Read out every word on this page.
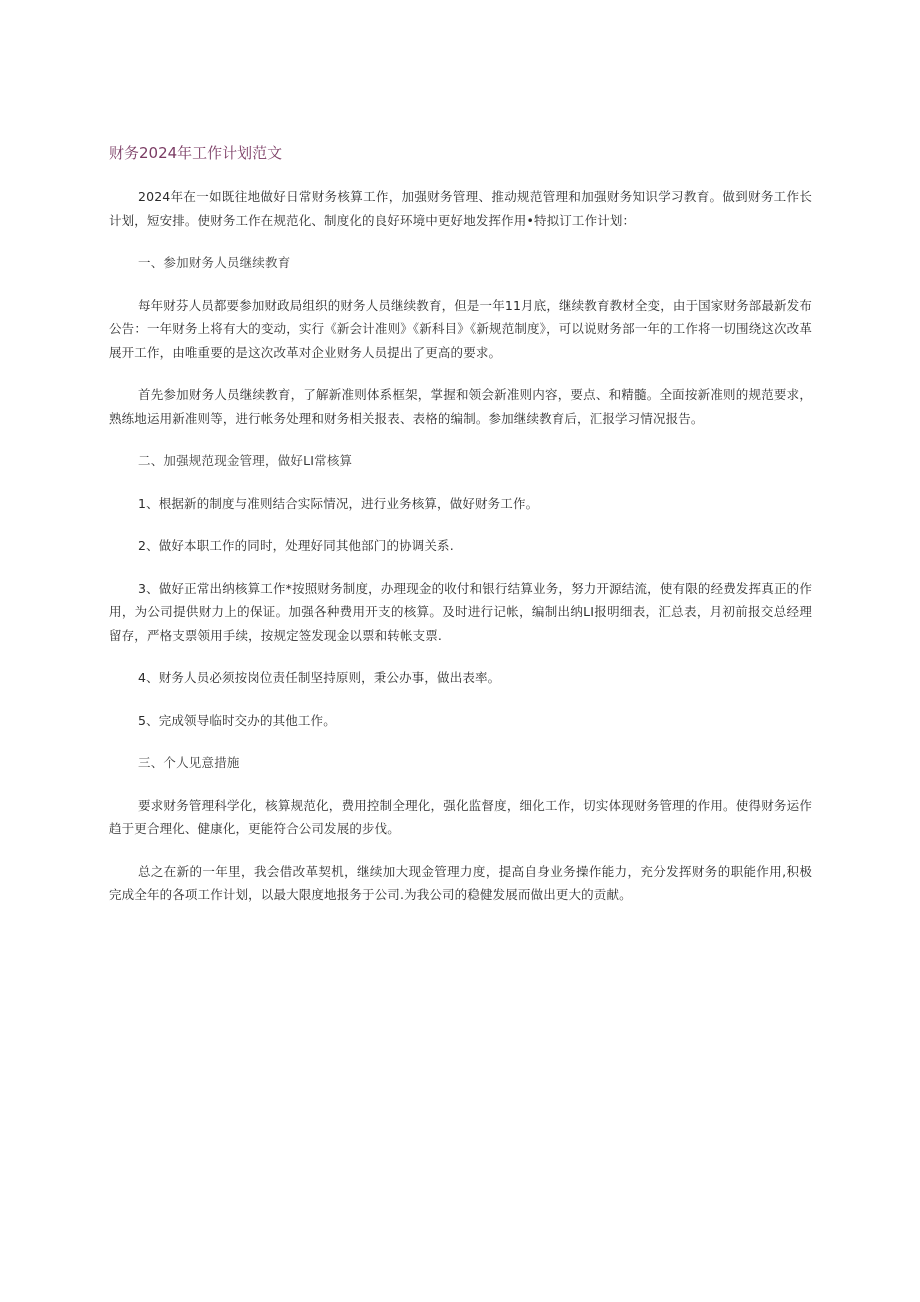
财务2024年工作计划范文

2024年在一如既往地做好日常财务核算工作，加强财务管理、推动规范管理和加强财务知识学习教育。做到财务工作长计划，短安排。使财务工作在规范化、制度化的良好环境中更好地发挥作用•特拟订工作计划：

一、参加财务人员继续教育

每年财芬人员都要参加财政局组织的财务人员继续教育，但是一年11月底，继续教育教材全变，由于国家财务部最新发布公告：一年财务上将有大的变动，实行《新会计准则》《新科目》《新规范制度》，可以说财务部一年的工作将一切围绕这次改革展开工作，由唯重要的是这次改革对企业财务人员提出了更高的要求。

首先参加财务人员继续教育，了解新准则体系框架，掌握和领会新准则内容，要点、和精髓。全面按新准则的规范要求，熟练地运用新准则等，进行帐务处理和财务相关报表、表格的编制。参加继续教育后，汇报学习情况报告。

二、加强规范现金管理，做好LI常核算

1、根据新的制度与准则结合实际情况，进行业务核算，做好财务工作。

2、做好本职工作的同时，处理好同其他部门的协调关系.

3、做好正常出纳核算工作*按照财务制度，办理现金的收付和银行结算业务，努力开源结流，使有限的经费发挥真正的作用，为公司提供财力上的保证。加强各种费用开支的核算。及时进行记帐，编制出纳LI报明细表，汇总表，月初前报交总经理留存，严格支票领用手续，按规定签发现金以票和转帐支票.

4、财务人员必须按岗位责任制坚持原则，秉公办事，做出表率。

5、完成领导临时交办的其他工作。

三、个人见意措施

要求财务管理科学化，核算规范化，费用控制全理化，强化监督度，细化工作，切实体现财务管理的作用。使得财务运作趋于更合理化、健康化，更能符合公司发展的步伐。

总之在新的一年里，我会借改革契机，继续加大现金管理力度，提高自身业务操作能力，充分发挥财务的职能作用,积极完成全年的各项工作计划，以最大限度地报务于公司.为我公司的稳健发展而做出更大的贡献。
